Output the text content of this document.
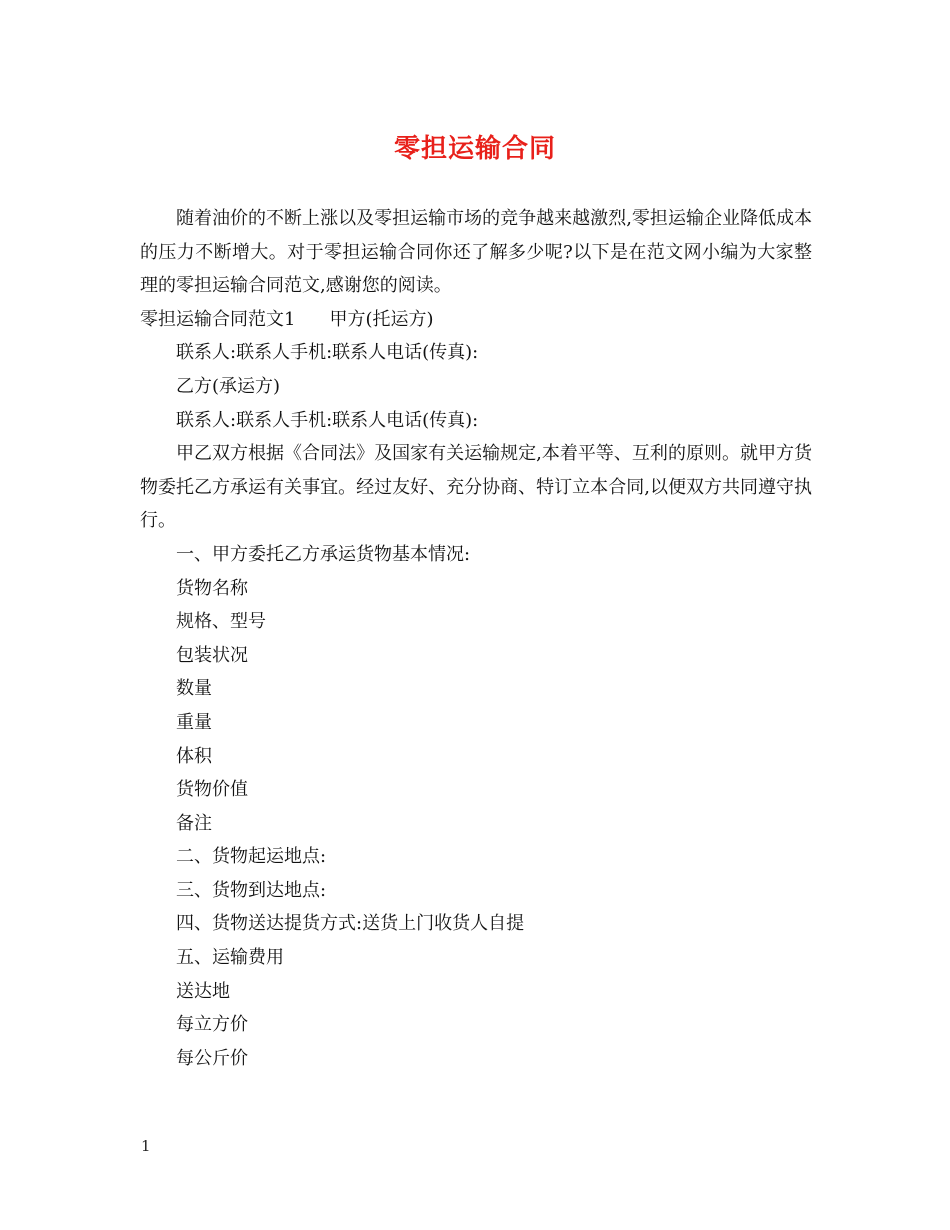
零担运输合同

随着油价的不断上涨以及零担运输市场的竞争越来越激烈,零担运输企业降低成本的压力不断增大。对于零担运输合同你还了解多少呢?以下是在范文网小编为大家整理的零担运输合同范文,感谢您的阅读。

零担运输合同范文1 甲方(托运方)

联系人:联系人手机:联系人电话(传真):

乙方(承运方)

联系人:联系人手机:联系人电话(传真):

甲乙双方根据《合同法》及国家有关运输规定,本着平等、互利的原则。就甲方货物委托乙方承运有关事宜。经过友好、充分协商、特订立本合同,以便双方共同遵守执行。

一、甲方委托乙方承运货物基本情况:

货物名称

规格、型号

包装状况

数量

重量

体积

货物价值

备注

二、货物起运地点:

三、货物到达地点:

四、货物送达提货方式:送货上门收货人自提

五、运输费用

送达地

每立方价

每公斤价

1
